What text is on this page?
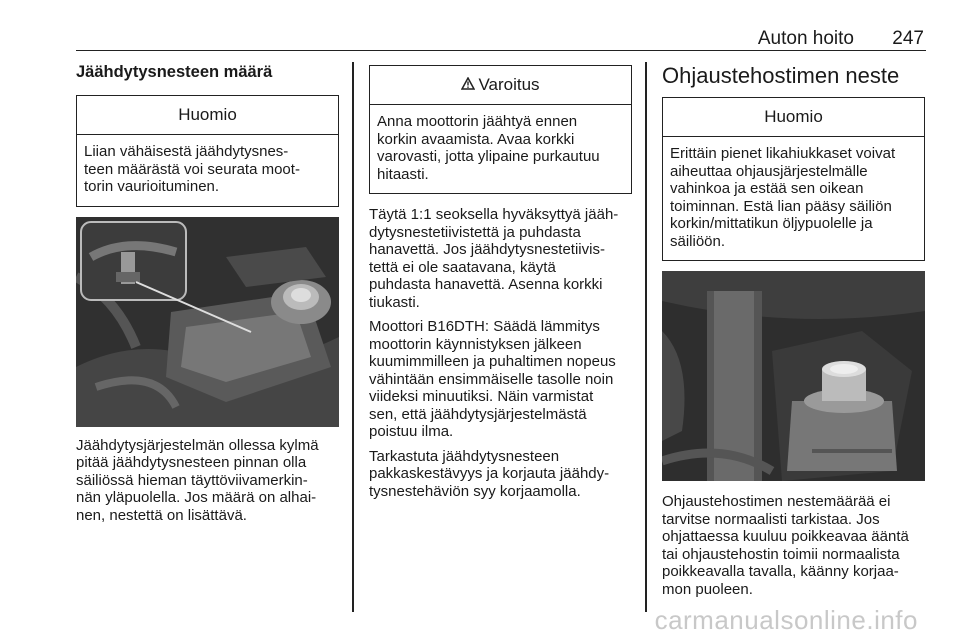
Auton hoito 247
Jäähdytysnesteen määrä
Huomio
Liian vähäisestä jäähdytysnes-
teen määrästä voi seurata moot-
torin vaurioituminen.

Jäähdytysjärjestelmän ollessa kylmä

pitää jäähdytysnesteen pinnan olla

säiliössä hieman täyttöviivamerkin-

nän yläpuolella. Jos määrä on alhai-

nen, nestettä on lisättävä.

Varoitus
Anna moottorin jäähtyä ennen
korkin avaamista. Avaa korkki
varovasti, jotta ylipaine purkautuu
hitaasti.

Täytä 1:1 seoksella hyväksyttyä jääh-

dytysnestetiivistettä ja puhdasta

hanavettä. Jos jäähdytysnestetiivis-

tettä ei ole saatavana, käytä

puhdasta hanavettä. Asenna korkki

tiukasti.

Moottori B16DTH: Säädä lämmitys

moottorin käynnistyksen jälkeen

kuumimmilleen ja puhaltimen nopeus

vähintään ensimmäiselle tasolle noin

viideksi minuutiksi. Näin varmistat

sen, että jäähdytysjärjestelmästä

poistuu ilma.

Tarkastuta jäähdytysnesteen

pakkaskestävyys ja korjauta jäähdy-

tysnestehäviön syy korjaamolla.

Ohjaustehostimen neste
Huomio
Erittäin pienet likahiukkaset voivat
aiheuttaa ohjausjärjestelmälle
vahinkoa ja estää sen oikean
toiminnan. Estä lian pääsy säiliön
korkin/mittatikun öljypuolelle ja
säiliöön.

Ohjaustehostimen nestemäärää ei

tarvitse normaalisti tarkistaa. Jos

ohjattaessa kuuluu poikkeavaa ääntä

tai ohjaustehostin toimii normaalista

poikkeavalla tavalla, käänny korjaa-

mon puoleen.

carmanualsonline.info
